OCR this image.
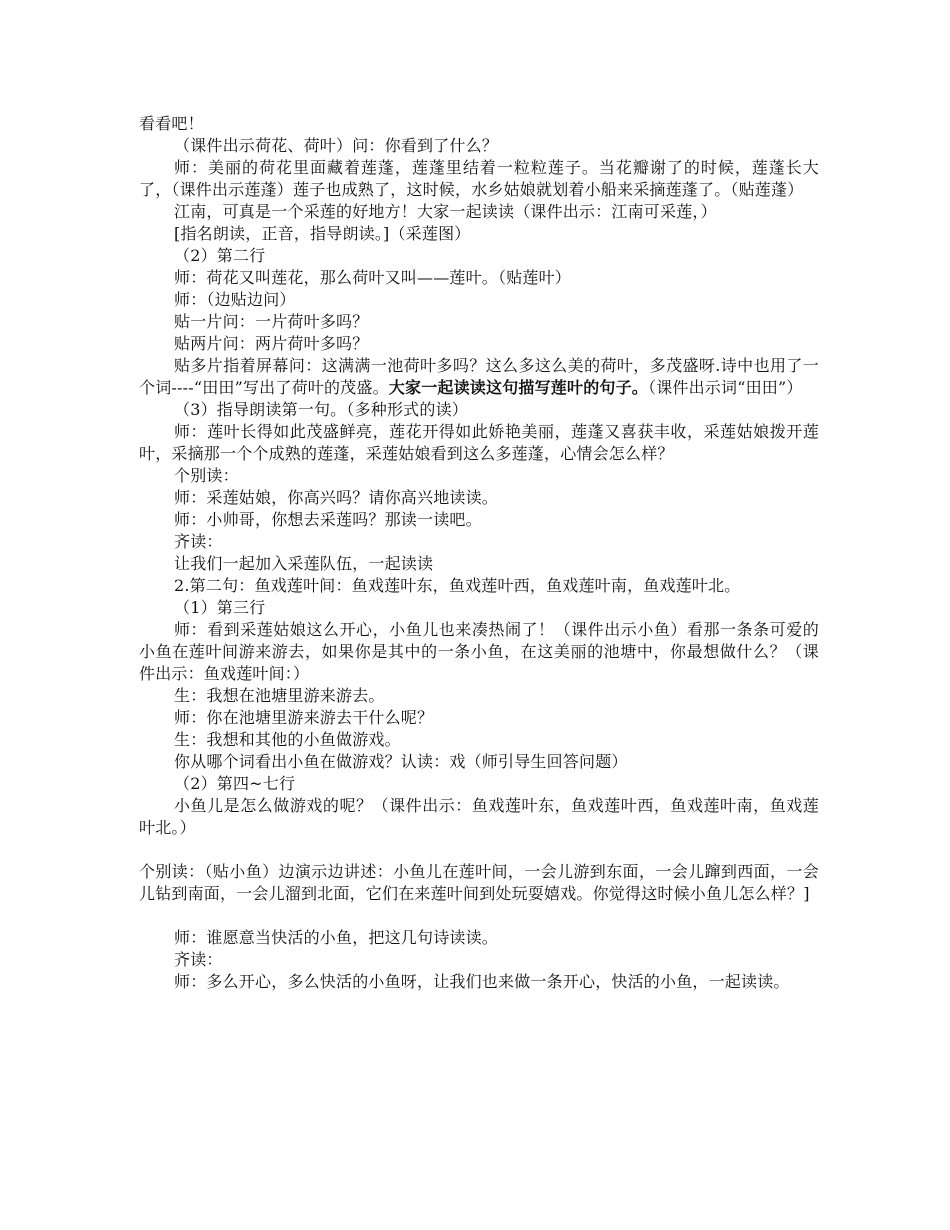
看看吧！

（课件出示荷花、荷叶）问：你看到了什么？

师：美丽的荷花里面藏着莲蓬，莲蓬里结着一粒粒莲子。当花瓣谢了的时候，莲蓬长大了，（课件出示莲蓬）莲子也成熟了，这时候，水乡姑娘就划着小船来采摘莲蓬了。（贴莲蓬）

江南，可真是一个采莲的好地方！大家一起读读（课件出示：江南可采莲，）

[指名朗读，正音，指导朗读。]（采莲图）

（2）第二行

师：荷花又叫莲花，那么荷叶又叫——莲叶。（贴莲叶）

师：（边贴边问）

贴一片问：一片荷叶多吗？

贴两片问：两片荷叶多吗？

贴多片指着屏幕问：这满满一池荷叶多吗？这么多这么美的荷叶，多茂盛呀.诗中也用了一个词----“田田”写出了荷叶的茂盛。大家一起读读这句描写莲叶的句子。（课件出示词“田田”）

（3）指导朗读第一句。（多种形式的读）

师：莲叶长得如此茂盛鲜亮，莲花开得如此娇艳美丽，莲蓬又喜获丰收，采莲姑娘拨开莲叶，采摘那一个个成熟的莲蓬，采莲姑娘看到这么多莲蓬，心情会怎么样？

个别读：

师：采莲姑娘，你高兴吗？请你高兴地读读。

师：小帅哥，你想去采莲吗？那读一读吧。

齐读：

让我们一起加入采莲队伍，一起读读

2.第二句：鱼戏莲叶间：鱼戏莲叶东，鱼戏莲叶西，鱼戏莲叶南，鱼戏莲叶北。

（1）第三行

师：看到采莲姑娘这么开心，小鱼儿也来凑热闹了！（课件出示小鱼）看那一条条可爱的小鱼在莲叶间游来游去，如果你是其中的一条小鱼，在这美丽的池塘中，你最想做什么？（课件出示：鱼戏莲叶间：）

生：我想在池塘里游来游去。

师：你在池塘里游来游去干什么呢？

生：我想和其他的小鱼做游戏。

你从哪个词看出小鱼在做游戏？认读：戏（师引导生回答问题）

（2）第四~七行

小鱼儿是怎么做游戏的呢？（课件出示：鱼戏莲叶东，鱼戏莲叶西，鱼戏莲叶南，鱼戏莲叶北。）

个别读：（贴小鱼）边演示边讲述：小鱼儿在莲叶间，一会儿游到东面，一会儿蹿到西面，一会儿钻到南面，一会儿溜到北面，它们在来莲叶间到处玩耍嬉戏。你觉得这时候小鱼儿怎么样？]

师：谁愿意当快活的小鱼，把这几句诗读读。

齐读：

师：多么开心，多么快活的小鱼呀，让我们也来做一条开心，快活的小鱼，一起读读。
